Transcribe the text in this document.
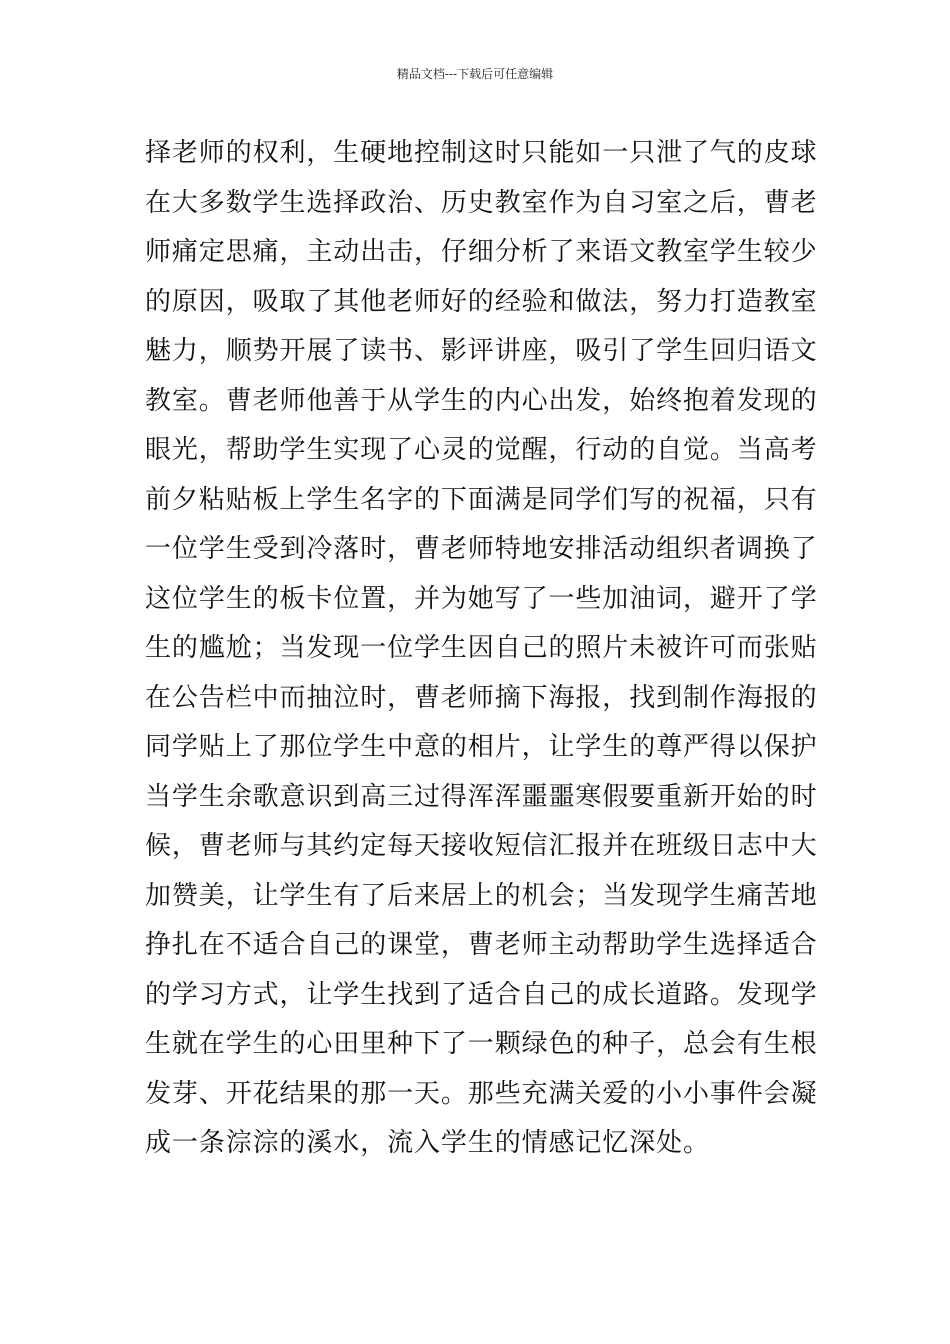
精品文档---下载后可任意编辑
择老师的权利，生硬地控制这时只能如一只泄了气的皮球
在大多数学生选择政治、历史教室作为自习室之后，曹老
师痛定思痛，主动出击，仔细分析了来语文教室学生较少
的原因，吸取了其他老师好的经验和做法，努力打造教室
魅力，顺势开展了读书、影评讲座，吸引了学生回归语文
教室。曹老师他善于从学生的内心出发，始终抱着发现的
眼光，帮助学生实现了心灵的觉醒，行动的自觉。当高考
前夕粘贴板上学生名字的下面满是同学们写的祝福，只有
一位学生受到冷落时，曹老师特地安排活动组织者调换了
这位学生的板卡位置，并为她写了一些加油词，避开了学
生的尴尬；当发现一位学生因自己的照片未被许可而张贴
在公告栏中而抽泣时，曹老师摘下海报，找到制作海报的
同学贴上了那位学生中意的相片，让学生的尊严得以保护
当学生余歌意识到高三过得浑浑噩噩寒假要重新开始的时
候，曹老师与其约定每天接收短信汇报并在班级日志中大
加赞美，让学生有了后来居上的机会；当发现学生痛苦地
挣扎在不适合自己的课堂，曹老师主动帮助学生选择适合
的学习方式，让学生找到了适合自己的成长道路。发现学
生就在学生的心田里种下了一颗绿色的种子，总会有生根
发芽、开花结果的那一天。那些充满关爱的小小事件会凝
成一条淙淙的溪水，流入学生的情感记忆深处。
